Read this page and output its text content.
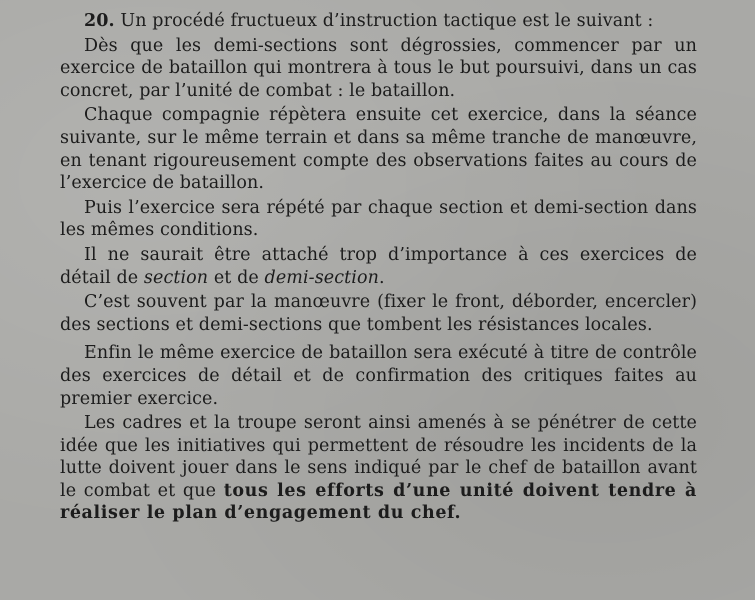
20. Un procédé fructueux d’instruction tactique est le suivant :

Dès que les demi-sections sont dégrossies, commencer par un exercice de bataillon qui montrera à tous le but poursuivi, dans un cas concret, par l’unité de combat : le bataillon.

Chaque compagnie répètera ensuite cet exercice, dans la séance suivante, sur le même terrain et dans sa même tranche de manœuvre, en tenant rigoureusement compte des observations faites au cours de l’exercice de bataillon.

Puis l’exercice sera répété par chaque section et demi-section dans les mêmes conditions.

Il ne saurait être attaché trop d’importance à ces exercices de détail de section et de demi-section.

C’est souvent par la manœuvre (fixer le front, déborder, encercler) des sections et demi-sections que tombent les résistances locales.

Enfin le même exercice de bataillon sera exécuté à titre de contrôle des exercices de détail et de confirmation des critiques faites au premier exercice.

Les cadres et la troupe seront ainsi amenés à se pénétrer de cette idée que les initiatives qui permettent de résoudre les incidents de la lutte doivent jouer dans le sens indiqué par le chef de bataillon avant le combat et que tous les efforts d’une unité doivent tendre à réaliser le plan d’engagement du chef.
